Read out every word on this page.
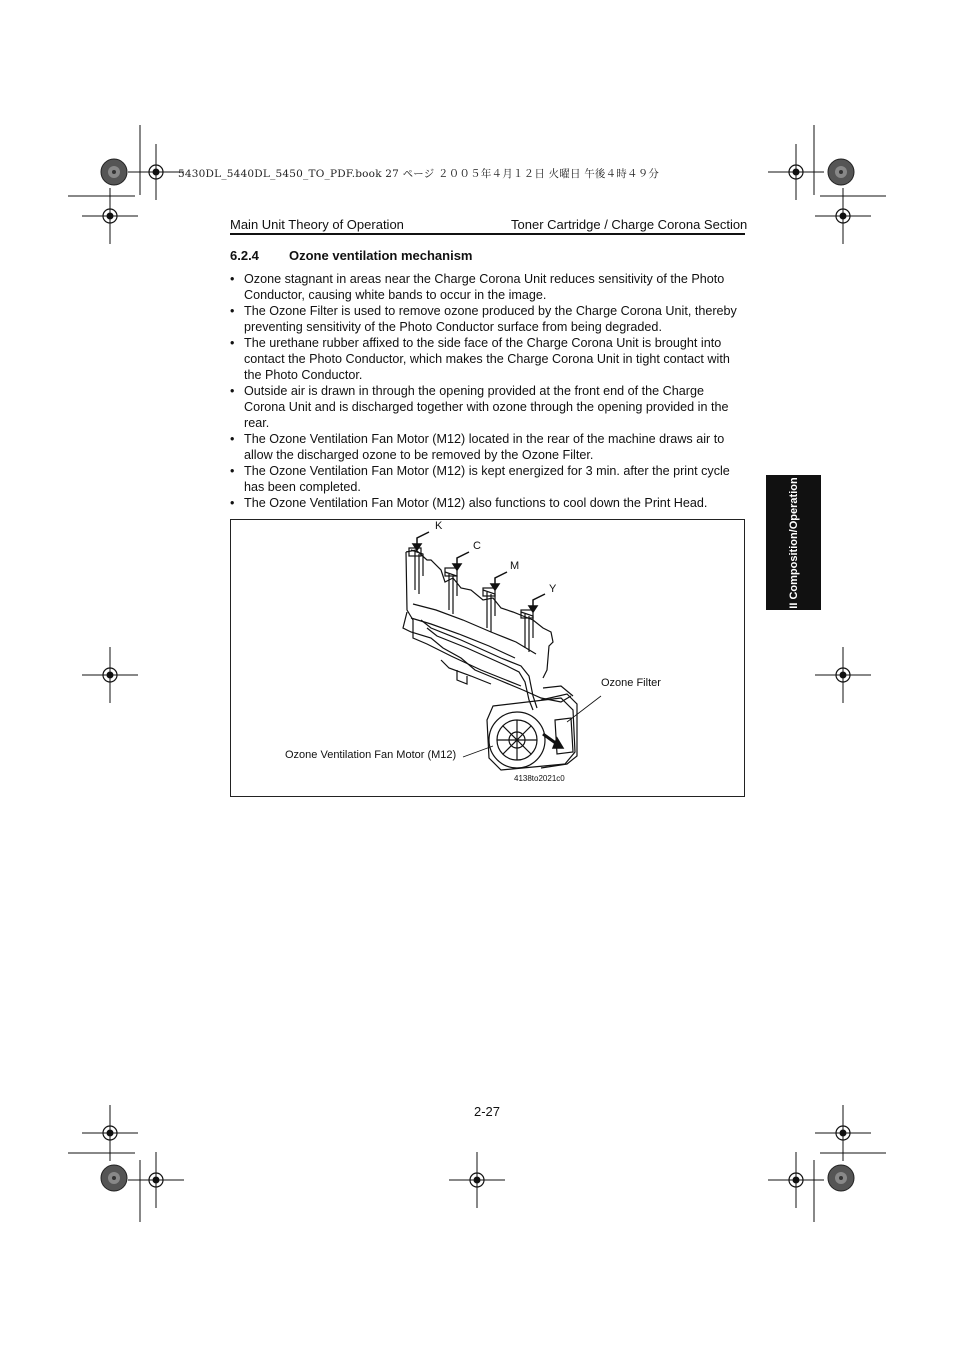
5430DL_5440DL_5450_TO_PDF.book 27 ページ ２００５年４月１２日 火曜日 午後４時４９分
Main Unit Theory of Operation	Toner Cartridge / Charge Corona Section
6.2.4 Ozone ventilation mechanism
• Ozone stagnant in areas near the Charge Corona Unit reduces sensitivity of the Photo Conductor, causing white bands to occur in the image.
• The Ozone Filter is used to remove ozone produced by the Charge Corona Unit, thereby preventing sensitivity of the Photo Conductor surface from being degraded.
• The urethane rubber affixed to the side face of the Charge Corona Unit is brought into contact the Photo Conductor, which makes the Charge Corona Unit in tight contact with the Photo Conductor.
• Outside air is drawn in through the opening provided at the front end of the Charge Corona Unit and is discharged together with ozone through the opening provided in the rear.
• The Ozone Ventilation Fan Motor (M12) located in the rear of the machine draws air to allow the discharged ozone to be removed by the Ozone Filter.
• The Ozone Ventilation Fan Motor (M12) is kept energized for 3 min. after the print cycle has been completed.
• The Ozone Ventilation Fan Motor (M12) also functions to cool down the Print Head.
K
C
M
Y
Ozone Filter
Ozone Ventilation Fan Motor (M12)
4138to2021c0
II Composition/Operation
2-27
